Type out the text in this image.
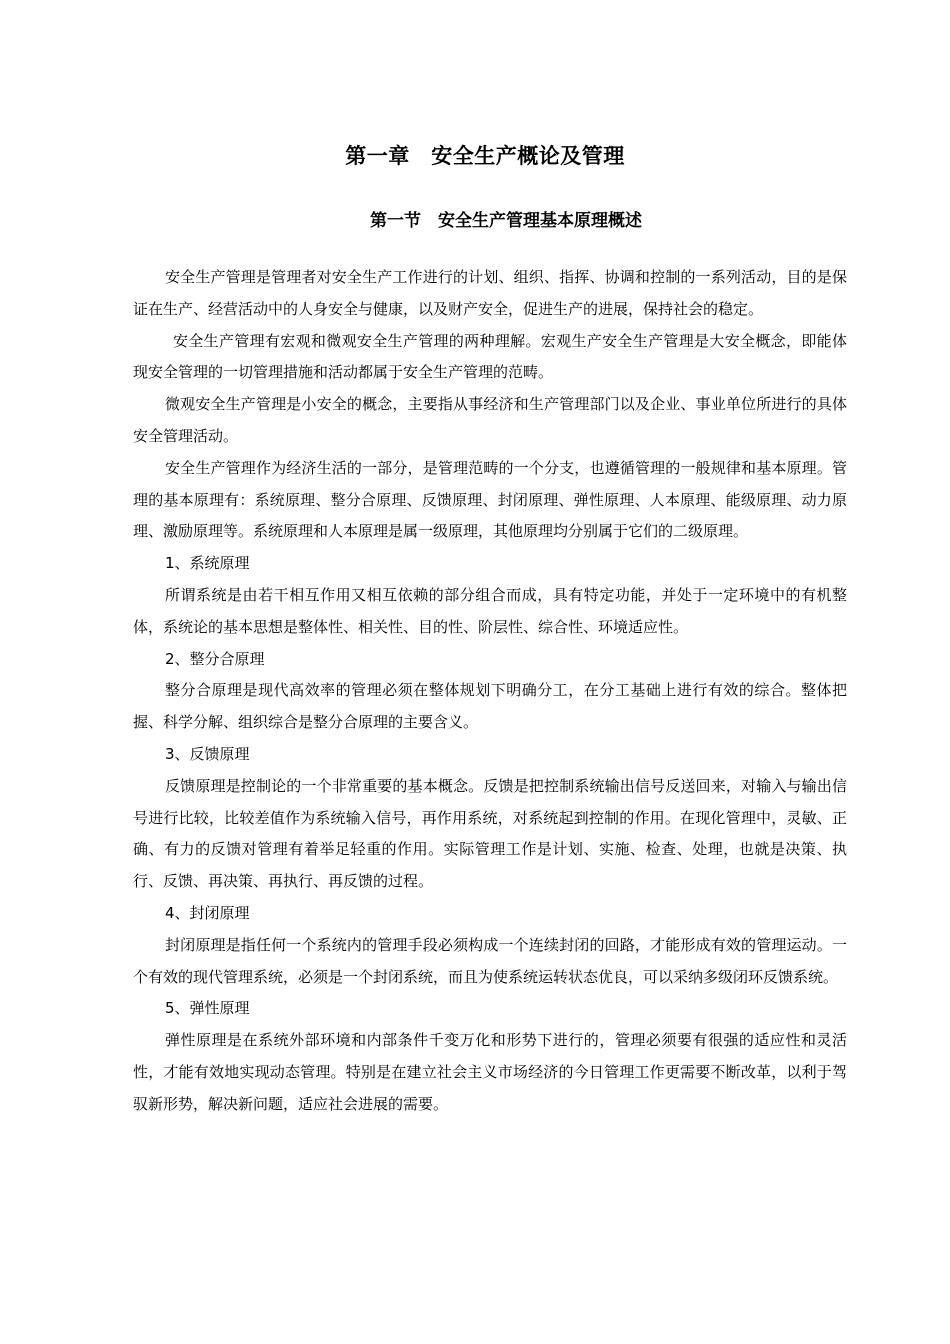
第一章　安全生产概论及管理
第一节　安全生产管理基本原理概述

安全生产管理是管理者对安全生产工作进行的计划、组织、指挥、协调和控制的一系列活动，目的是保证在生产、经营活动中的人身安全与健康，以及财产安全，促进生产的进展，保持社会的稳定。

安全生产管理有宏观和微观安全生产管理的两种理解。宏观生产安全生产管理是大安全概念，即能体现安全管理的一切管理措施和活动都属于安全生产管理的范畴。

微观安全生产管理是小安全的概念，主要指从事经济和生产管理部门以及企业、事业单位所进行的具体安全管理活动。

安全生产管理作为经济生活的一部分，是管理范畴的一个分支，也遵循管理的一般规律和基本原理。管理的基本原理有：系统原理、整分合原理、反馈原理、封闭原理、弹性原理、人本原理、能级原理、动力原理、激励原理等。系统原理和人本原理是属一级原理，其他原理均分别属于它们的二级原理。

1、系统原理

所谓系统是由若干相互作用又相互依赖的部分组合而成，具有特定功能，并处于一定环境中的有机整体，系统论的基本思想是整体性、相关性、目的性、阶层性、综合性、环境适应性。

2、整分合原理

整分合原理是现代高效率的管理必须在整体规划下明确分工，在分工基础上进行有效的综合。整体把握、科学分解、组织综合是整分合原理的主要含义。

3、反馈原理

反馈原理是控制论的一个非常重要的基本概念。反馈是把控制系统输出信号反送回来，对输入与输出信号进行比较，比较差值作为系统输入信号，再作用系统，对系统起到控制的作用。在现化管理中，灵敏、正确、有力的反馈对管理有着举足轻重的作用。实际管理工作是计划、实施、检查、处理，也就是决策、执行、反馈、再决策、再执行、再反馈的过程。

4、封闭原理

封闭原理是指任何一个系统内的管理手段必须构成一个连续封闭的回路，才能形成有效的管理运动。一个有效的现代管理系统，必须是一个封闭系统，而且为使系统运转状态优良，可以采纳多级闭环反馈系统。

5、弹性原理

弹性原理是在系统外部环境和内部条件千变万化和形势下进行的，管理必须要有很强的适应性和灵活性，才能有效地实现动态管理。特别是在建立社会主义市场经济的今日管理工作更需要不断改革，以利于驾驭新形势，解决新问题，适应社会进展的需要。
